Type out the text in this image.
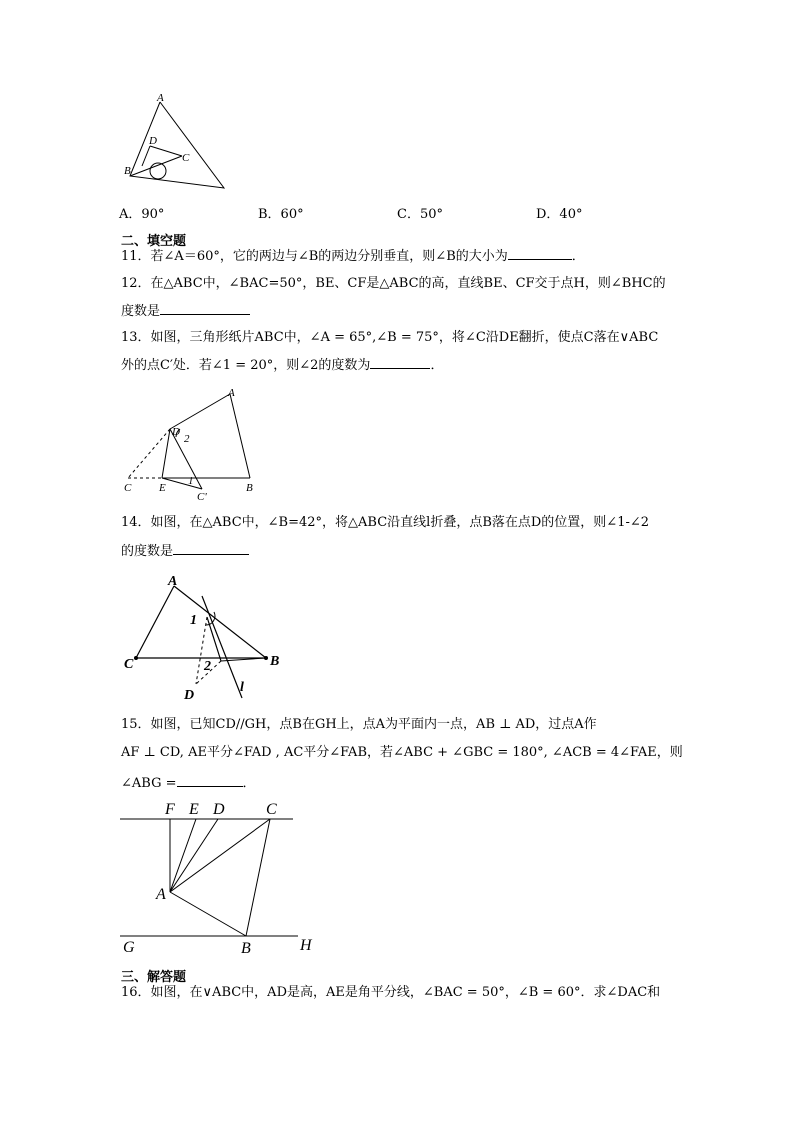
A
D
C
B
A．90°	B．60°	C．50°	D．40°
二、填空题
11．若∠A＝60°，它的两边与∠B的两边分别垂直，则∠B的大小为	．
12．在△ABC中，∠BAC=50°，BE、CF是△ABC的高，直线BE、CF交于点H，则∠BHC的
度数是
13．如图，三角形纸片ABC中，∠A = 65°,∠B = 75°，将∠C沿DE翻折，使点C落在∨ABC
外的点C′处．若∠1 = 20°，则∠2的度数为	．
A
D
2
1
C	E
C'
B
14．如图，在△ABC中，∠B=42°，将△ABC沿直线l折叠，点B落在点D的位置，则∠1-∠2
的度数是
A
1
C	B
2
D
l
15．如图，已知CD//GH，点B在GH上，点A为平面内一点，AB ⊥ AD，过点A作
AF ⊥ CD, AE平分∠FAD , AC平分∠FAB，若∠ABC + ∠GBC = 180°, ∠ACB = 4∠FAE，则
∠ABG =	．
F E D	C
A
G	B	H
三、解答题
16．如图，在∨ABC中，AD是高，AE是角平分线，∠BAC = 50°，∠B = 60°．求∠DAC和
